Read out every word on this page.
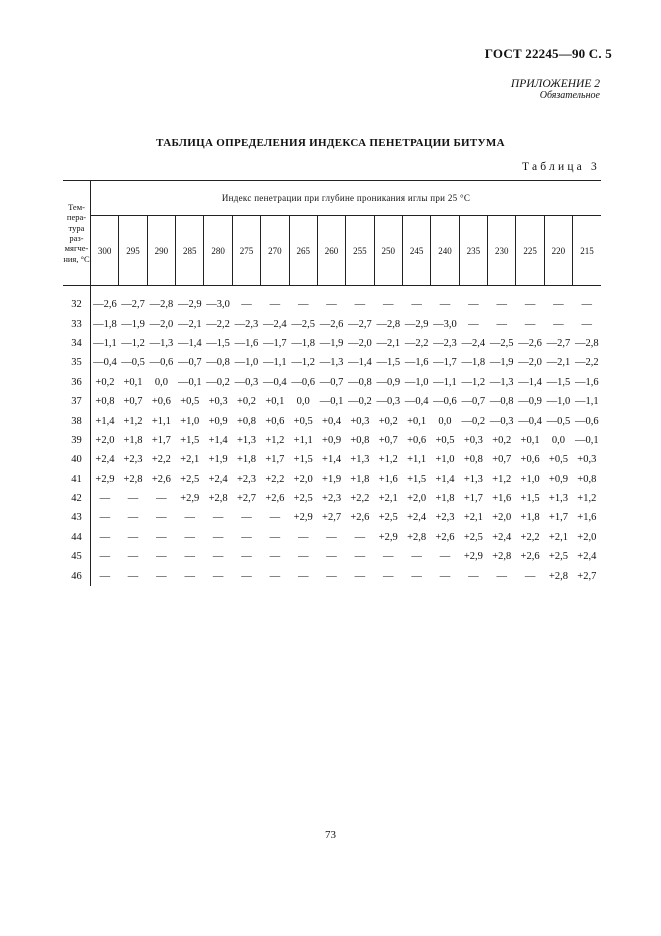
ГОСТ 22245—90 С. 5
ПРИЛОЖЕНИЕ 2
Обязательное
ТАБЛИЦА ОПРЕДЕЛЕНИЯ ИНДЕКСА ПЕНЕТРАЦИИ БИТУМА
Таблица 3
Тем-пера-тура раз-мягче-ния, °С	Индекс пенетрации при глубине проникания иглы при 25 °С																	
	300	295	290	285	280	275	270	265	260	255	250	245	240	235	230	225	220	215
32	—2,6	—2,7	—2,8	—2,9	—3,0	—	—	—	—	—	—	—	—	—	—	—	—	—
33	—1,8	—1,9	—2,0	—2,1	—2,2	—2,3	—2,4	—2,5	—2,6	—2,7	—2,8	—2,9	—3,0	—	—	—	—	—
34	—1,1	—1,2	—1,3	—1,4	—1,5	—1,6	—1,7	—1,8	—1,9	—2,0	—2,1	—2,2	—2,3	—2,4	—2,5	—2,6	—2,7	—2,8
35	—0,4	—0,5	—0,6	—0,7	—0,8	—1,0	—1,1	—1,2	—1,3	—1,4	—1,5	—1,6	—1,7	—1,8	—1,9	—2,0	—2,1	—2,2
36	+0,2	+0,1	0,0	—0,1	—0,2	—0,3	—0,4	—0,6	—0,7	—0,8	—0,9	—1,0	—1,1	—1,2	—1,3	—1,4	—1,5	—1,6
37	+0,8	+0,7	+0,6	+0,5	+0,3	+0,2	+0,1	0,0	—0,1	—0,2	—0,3	—0,4	—0,6	—0,7	—0,8	—0,9	—1,0	—1,1
38	+1,4	+1,2	+1,1	+1,0	+0,9	+0,8	+0,6	+0,5	+0,4	+0,3	+0,2	+0,1	0,0	—0,2	—0,3	—0,4	—0,5	—0,6
39	+2,0	+1,8	+1,7	+1,5	+1,4	+1,3	+1,2	+1,1	+0,9	+0,8	+0,7	+0,6	+0,5	+0,3	+0,2	+0,1	0,0	—0,1
40	+2,4	+2,3	+2,2	+2,1	+1,9	+1,8	+1,7	+1,5	+1,4	+1,3	+1,2	+1,1	+1,0	+0,8	+0,7	+0,6	+0,5	+0,3
41	+2,9	+2,8	+2,6	+2,5	+2,4	+2,3	+2,2	+2,0	+1,9	+1,8	+1,6	+1,5	+1,4	+1,3	+1,2	+1,0	+0,9	+0,8
42	—	—	—	+2,9	+2,8	+2,7	+2,6	+2,5	+2,3	+2,2	+2,1	+2,0	+1,8	+1,7	+1,6	+1,5	+1,3	+1,2
43	—	—	—	—	—	—	—	+2,9	+2,7	+2,6	+2,5	+2,4	+2,3	+2,1	+2,0	+1,8	+1,7	+1,6
44	—	—	—	—	—	—	—	—	—	—	+2,9	+2,8	+2,6	+2,5	+2,4	+2,2	+2,1	+2,0
45	—	—	—	—	—	—	—	—	—	—	—	—	—	+2,9	+2,8	+2,6	+2,5	+2,4
46	—	—	—	—	—	—	—	—	—	—	—	—	—	—	—	—	+2,8	+2,7
73
